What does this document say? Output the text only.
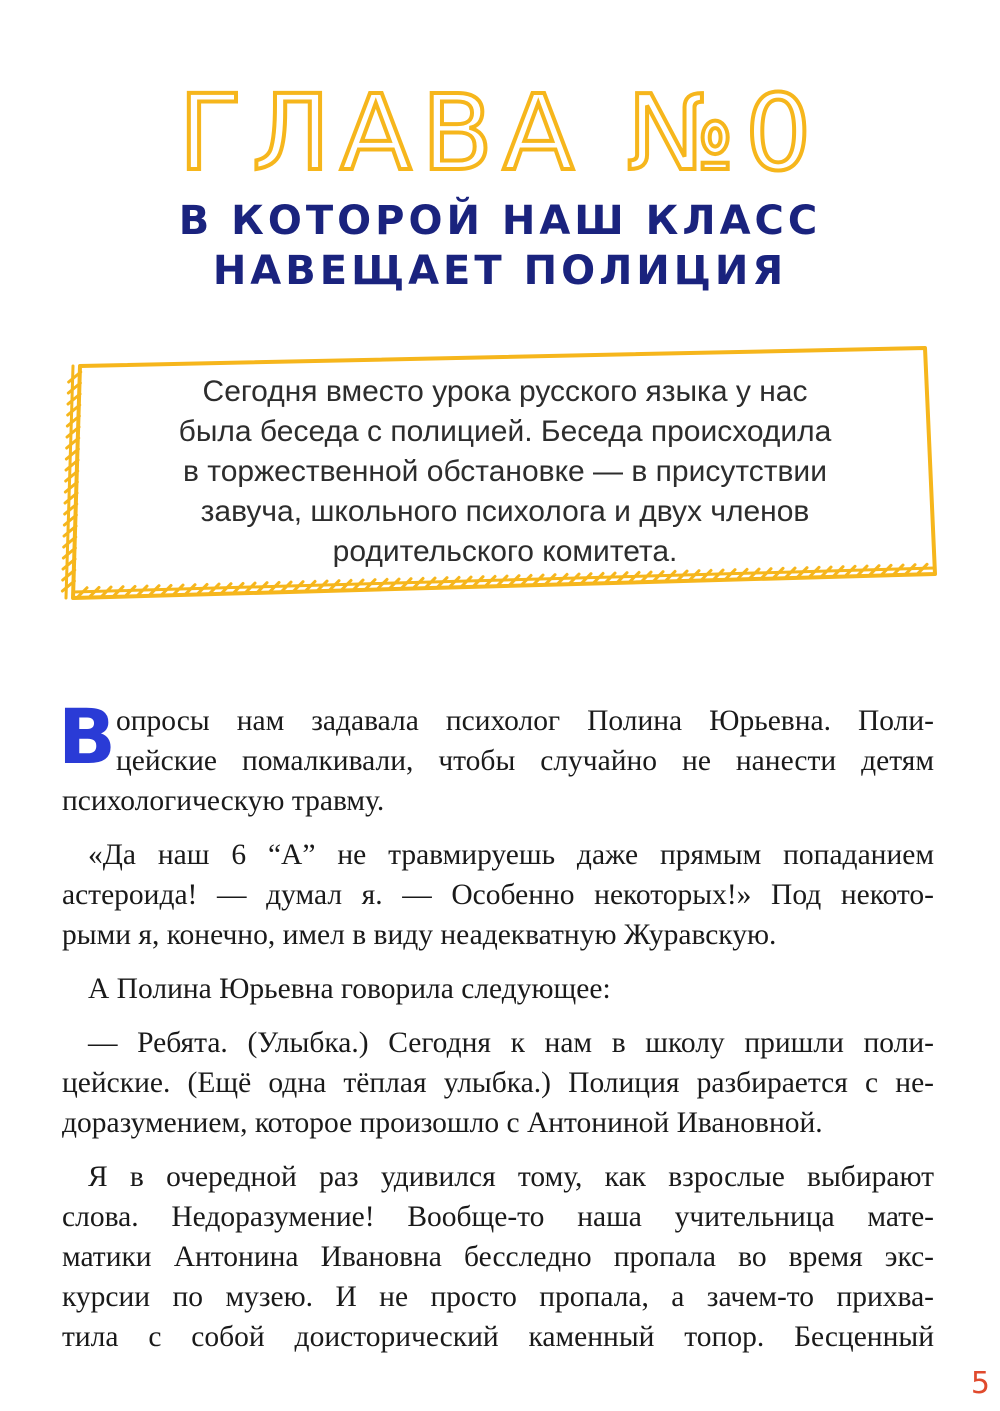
ГЛАВА №0
В КОТОРОЙ НАШ КЛАСС
НАВЕЩАЕТ ПОЛИЦИЯ
Сегодня вместо урока русского языка у нас
была беседа с полицией. Беседа происходила
в торжественной обстановке — в присутствии
завуча, школьного психолога и двух членов
родительского комитета.
В опросы нам задавала психолог Полина Юрьевна. Поли-
цейские помалкивали, чтобы случайно не нанести детям
психологическую травму.
«Да наш 6 “А” не травмируешь даже прямым попаданием
астероида! — думал я. — Особенно некоторых!» Под некото-
рыми я, конечно, имел в виду неадекватную Журавскую.
А Полина Юрьевна говорила следующее:
— Ребята. (Улыбка.) Сегодня к нам в школу пришли поли-
цейские. (Ещё одна тёплая улыбка.) Полиция разбирается с не-
доразумением, которое произошло с Антониной Ивановной.
Я в очередной раз удивился тому, как взрослые выбирают
слова. Недоразумение! Вообще-то наша учительница мате-
матики Антонина Ивановна бесследно пропала во время экс-
курсии по музею. И не просто пропала, а зачем-то прихва-
тила с собой доисторический каменный топор. Бесценный
5
